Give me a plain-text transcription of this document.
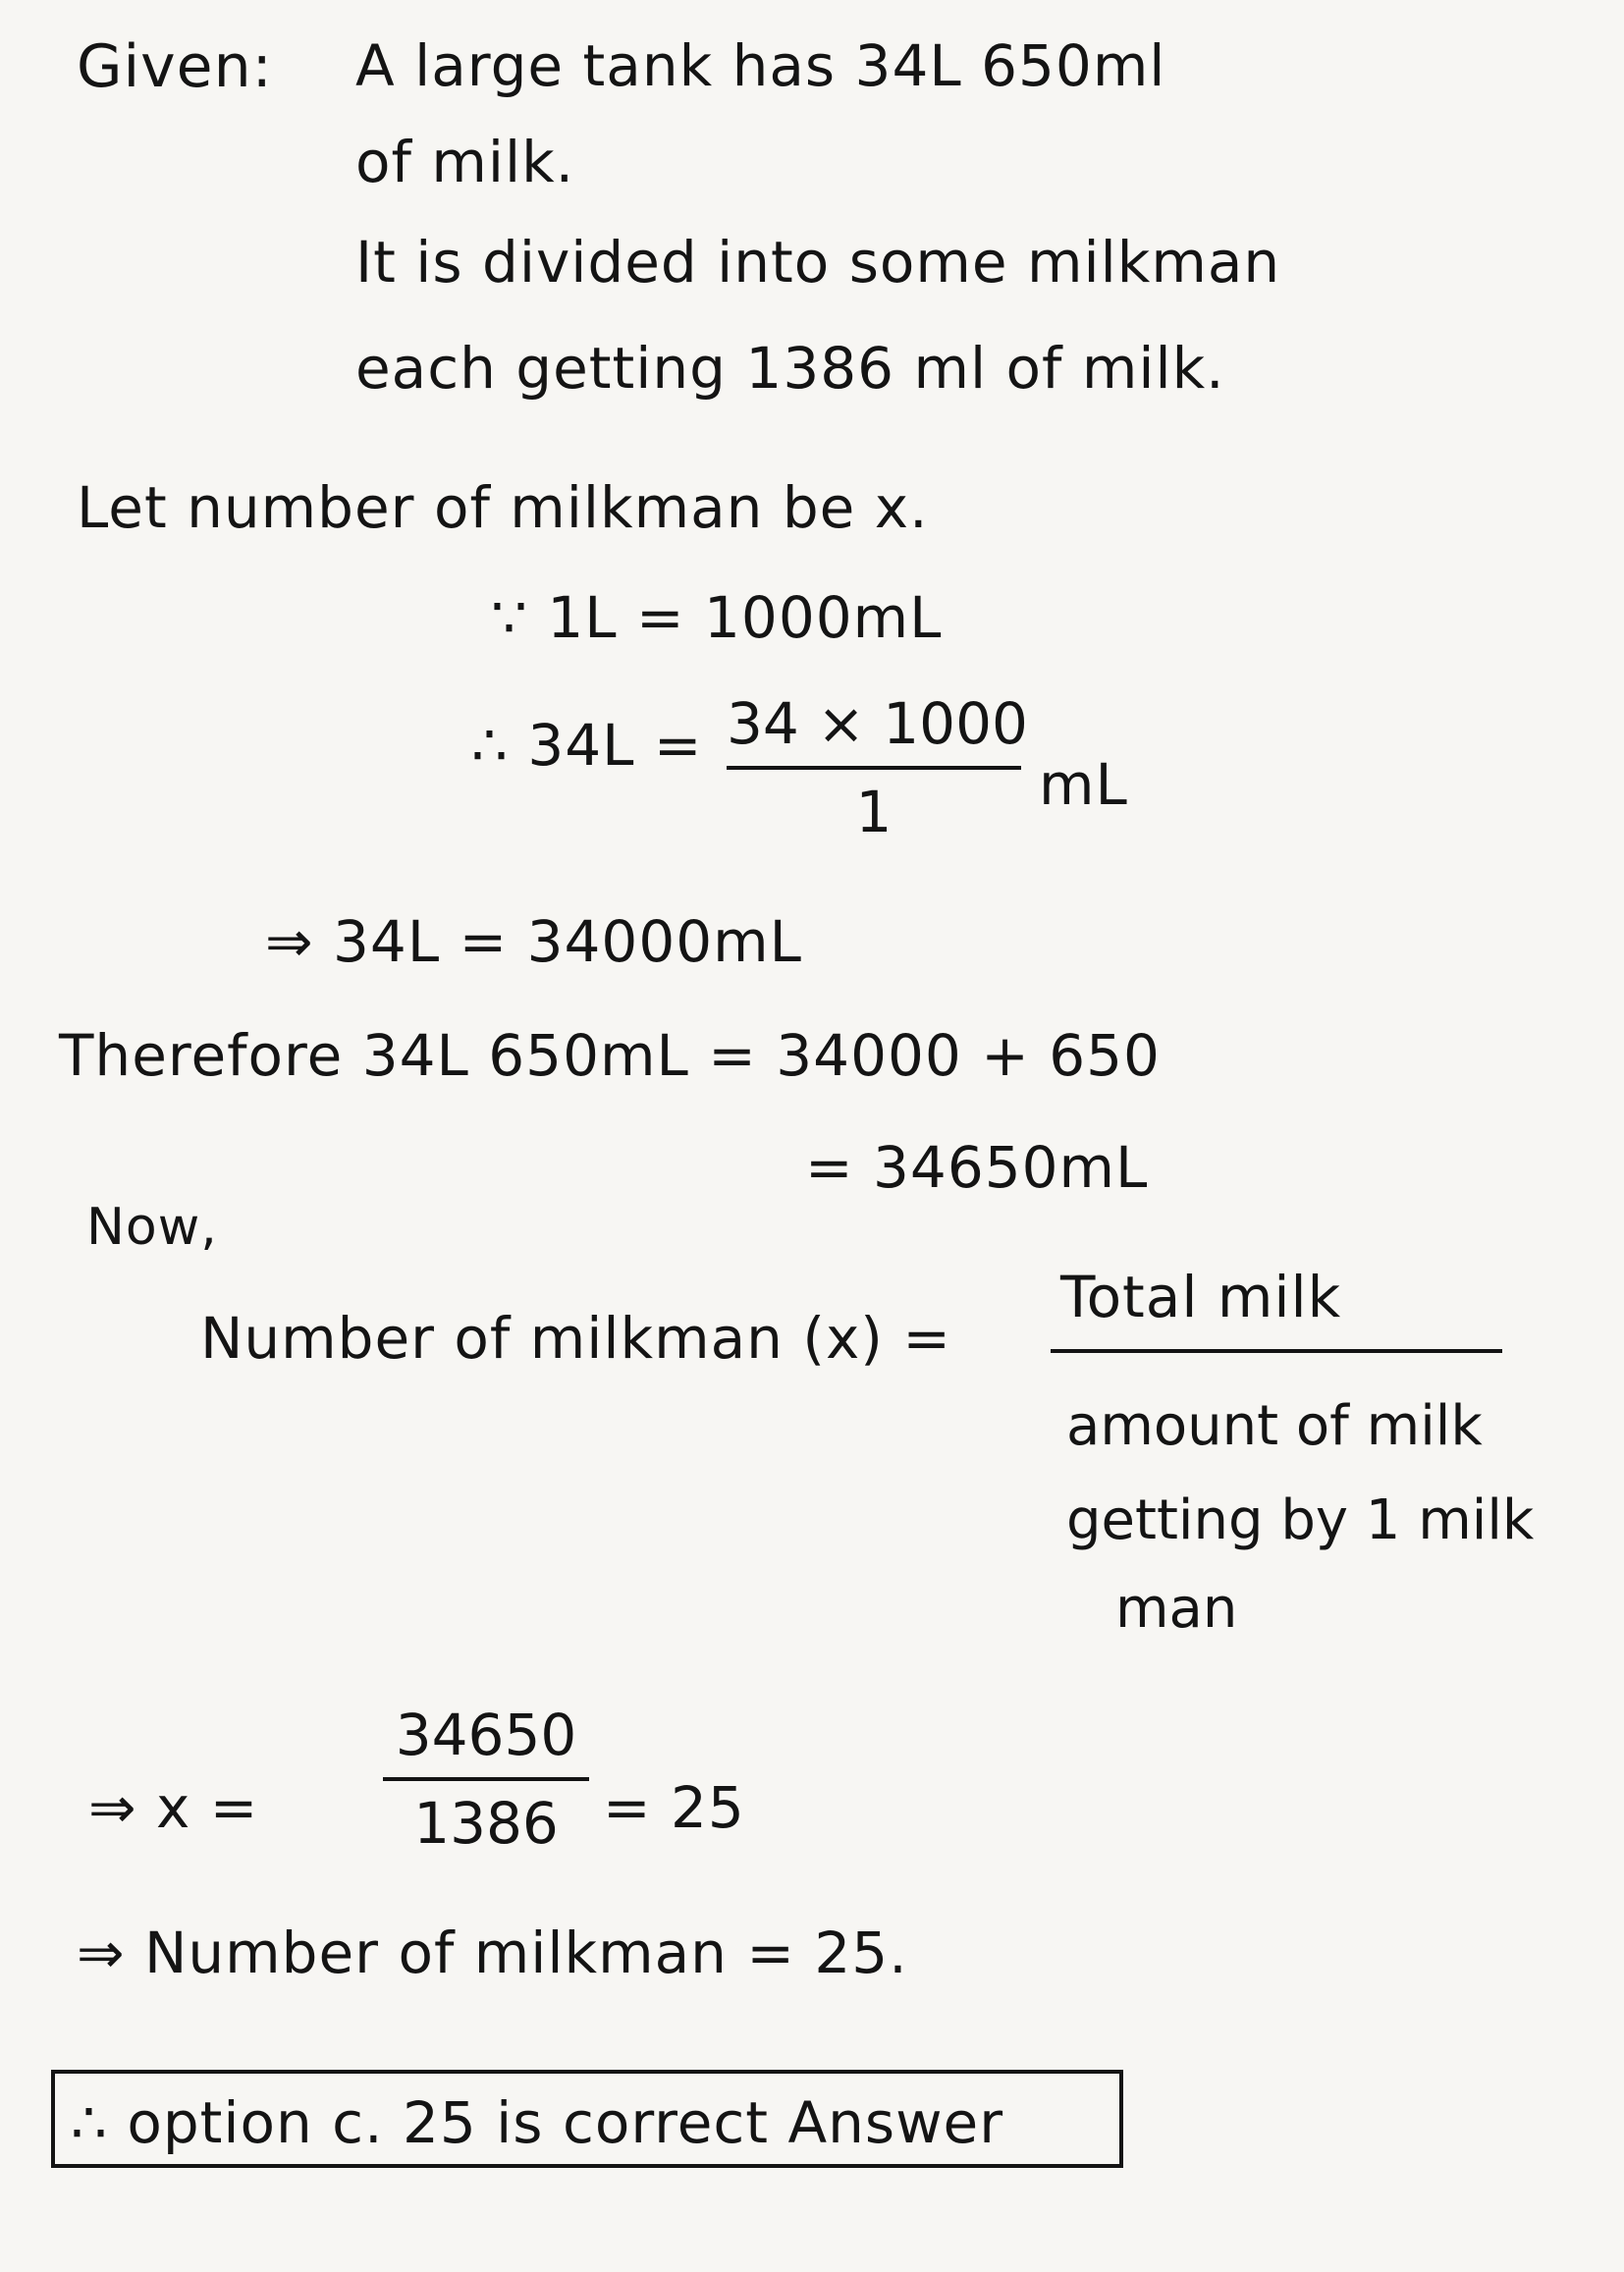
Given: A large tank has 34L 650ml
of milk.
It is divided into some milkman
each getting 1386 ml of milk.
Let number of milkman be x.
∵ 1L = 1000mL
∴ 34L = 34 × 1000
1	mL
⇒ 34L = 34000mL
Therefore 34L 650mL = 34000 + 650
= 34650mL
Now,
Number of milkman (x) =
Total milk
amount of milk
getting by 1 milk
man
⇒ x =
34650
1386 = 25
⇒ Number of milkman = 25.
∴ option c. 25 is correct Answer
